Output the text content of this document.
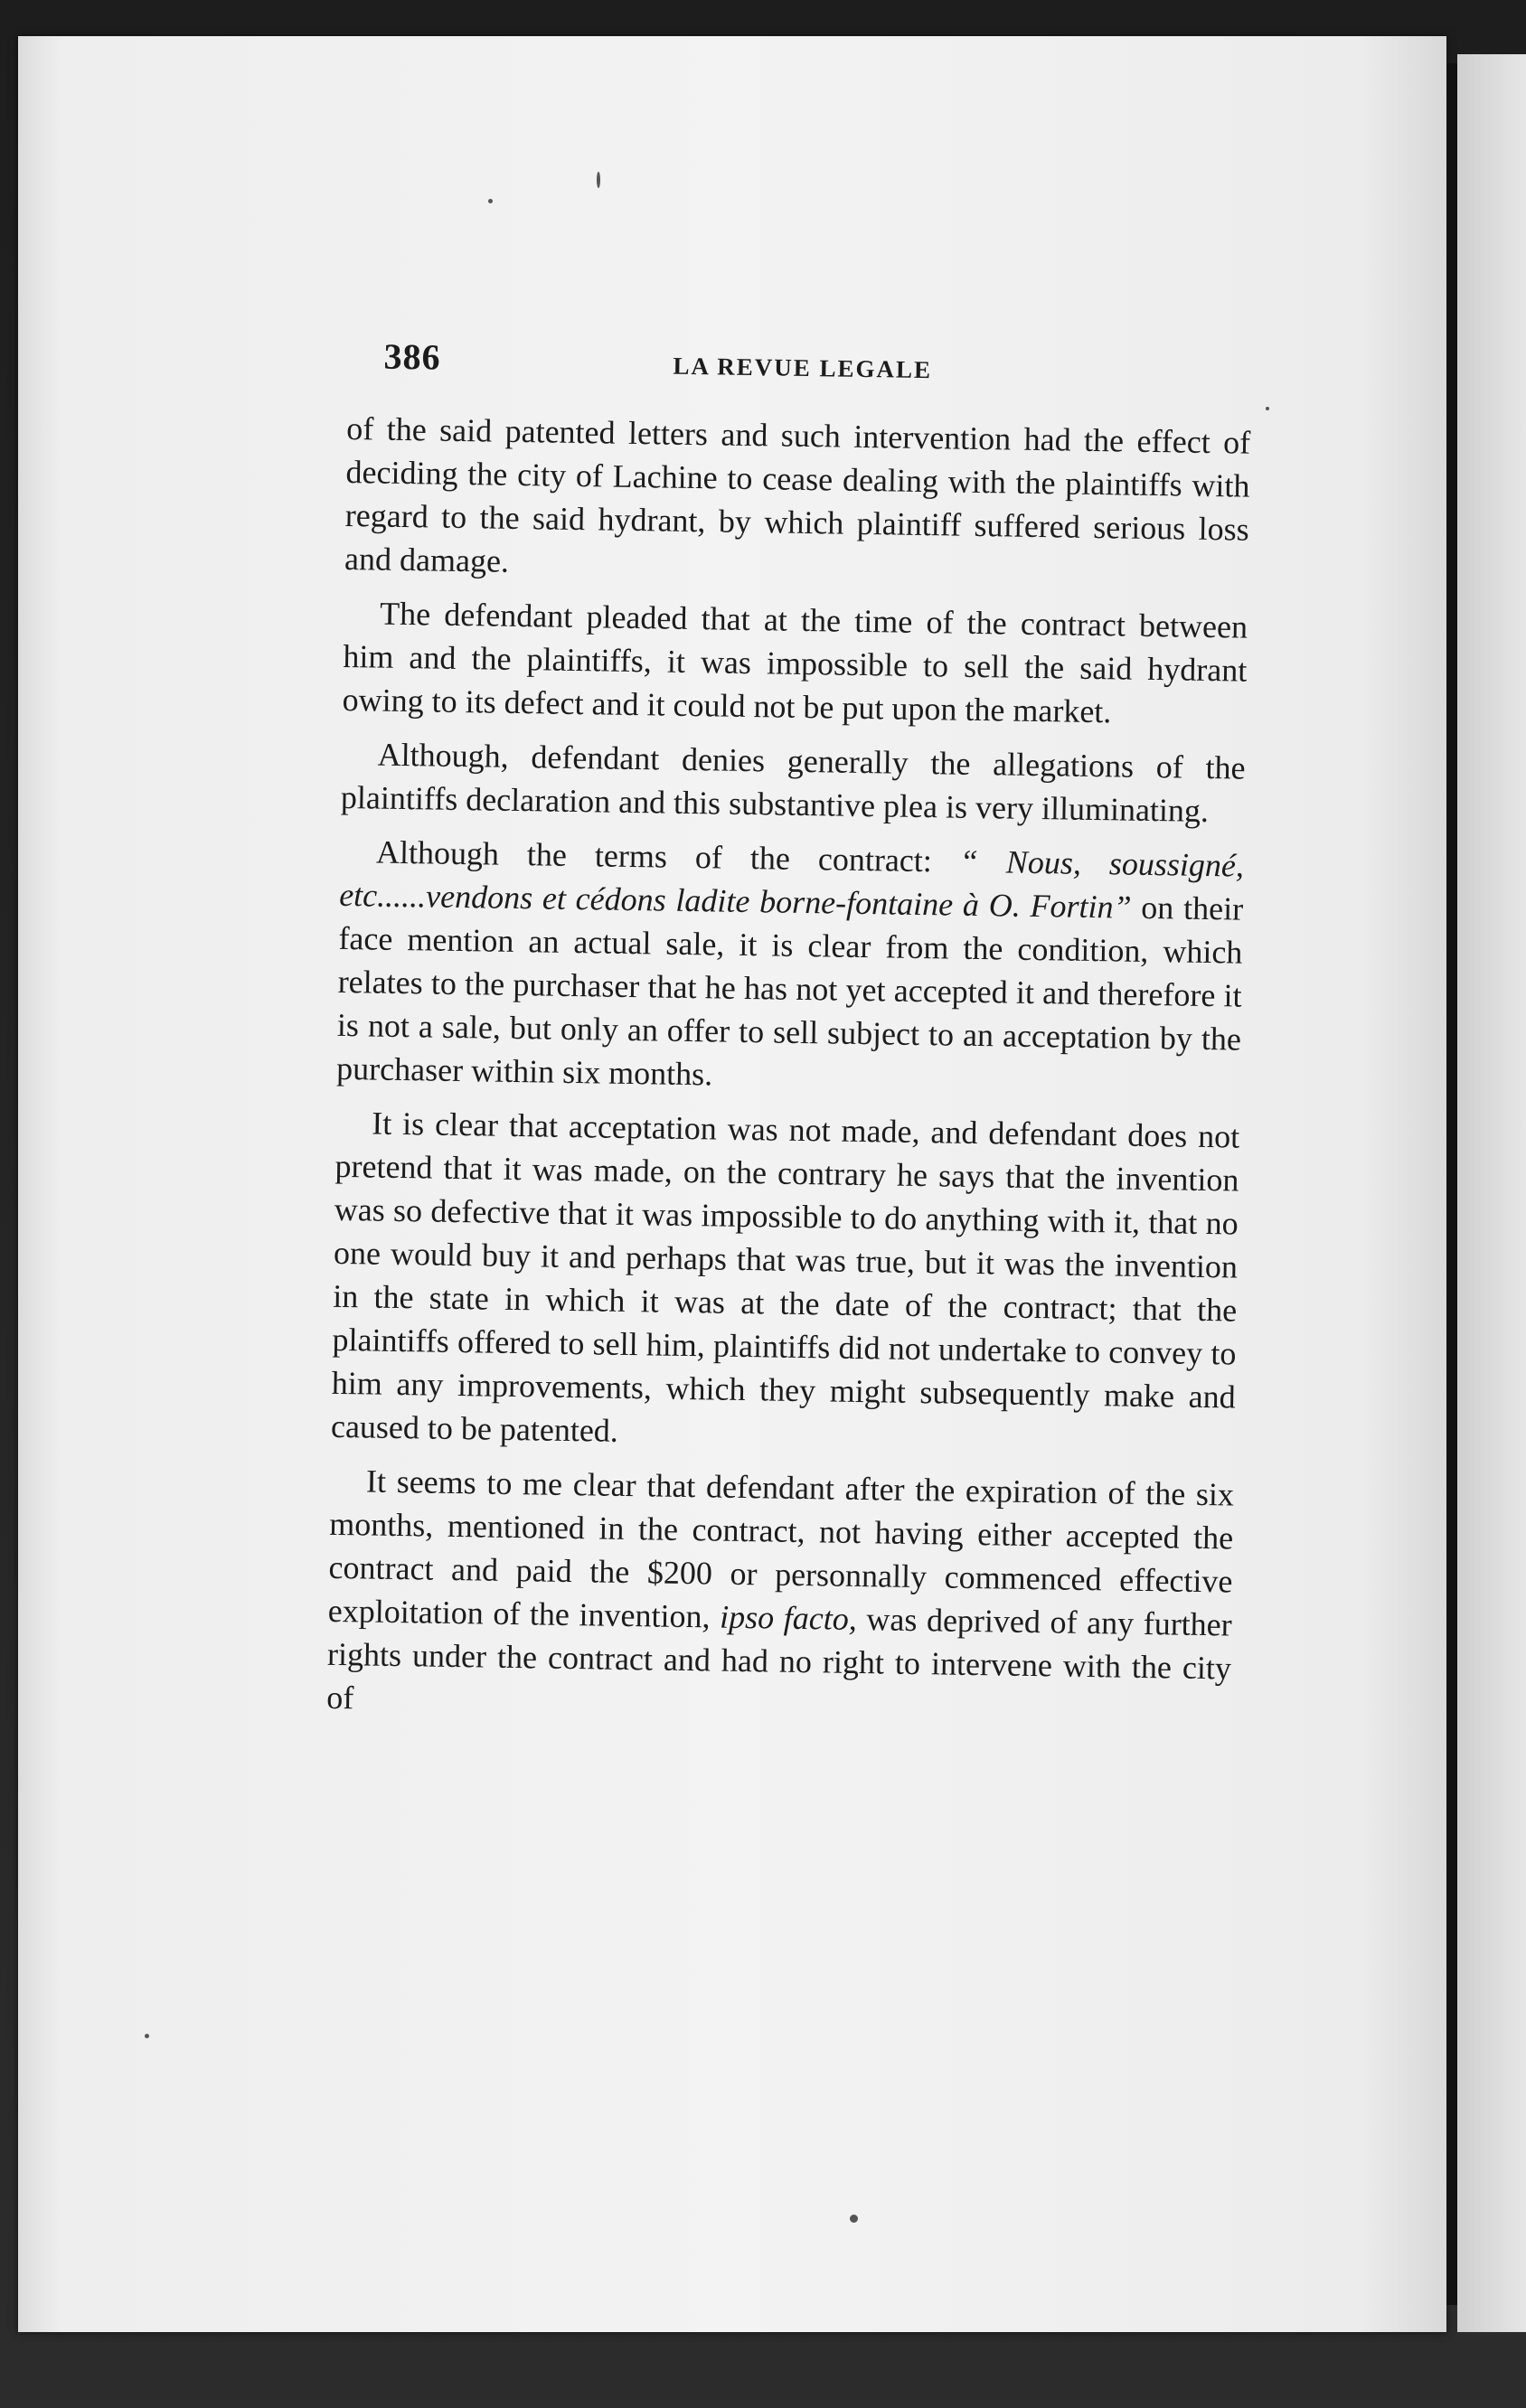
386	LA REVUE LEGALE

of the said patented letters and such intervention had the effect of deciding the city of Lachine to cease dealing with the plaintiffs with regard to the said hydrant, by which plaintiff suffered serious loss and damage.

The defendant pleaded that at the time of the contract between him and the plaintiffs, it was impossible to sell the said hydrant owing to its defect and it could not be put upon the market.

Although, defendant denies generally the allegations of the plaintiffs declaration and this substantive plea is very illuminating.

Although the terms of the contract: “ Nous, soussigné, etc......vendons et cédons ladite borne-fontaine à O. Fortin” on their face mention an actual sale, it is clear from the condition, which relates to the purchaser that he has not yet accepted it and therefore it is not a sale, but only an offer to sell subject to an acceptation by the purchaser within six months.

It is clear that acceptation was not made, and defendant does not pretend that it was made, on the contrary he says that the invention was so defective that it was impossible to do anything with it, that no one would buy it and perhaps that was true, but it was the invention in the state in which it was at the date of the contract; that the plaintiffs offered to sell him, plaintiffs did not undertake to convey to him any improvements, which they might subsequently make and caused to be patented.

It seems to me clear that defendant after the expiration of the six months, mentioned in the contract, not having either accepted the contract and paid the $200 or personnally commenced effective exploitation of the invention, ipso facto, was deprived of any further rights under the contract and had no right to intervene with the city of
